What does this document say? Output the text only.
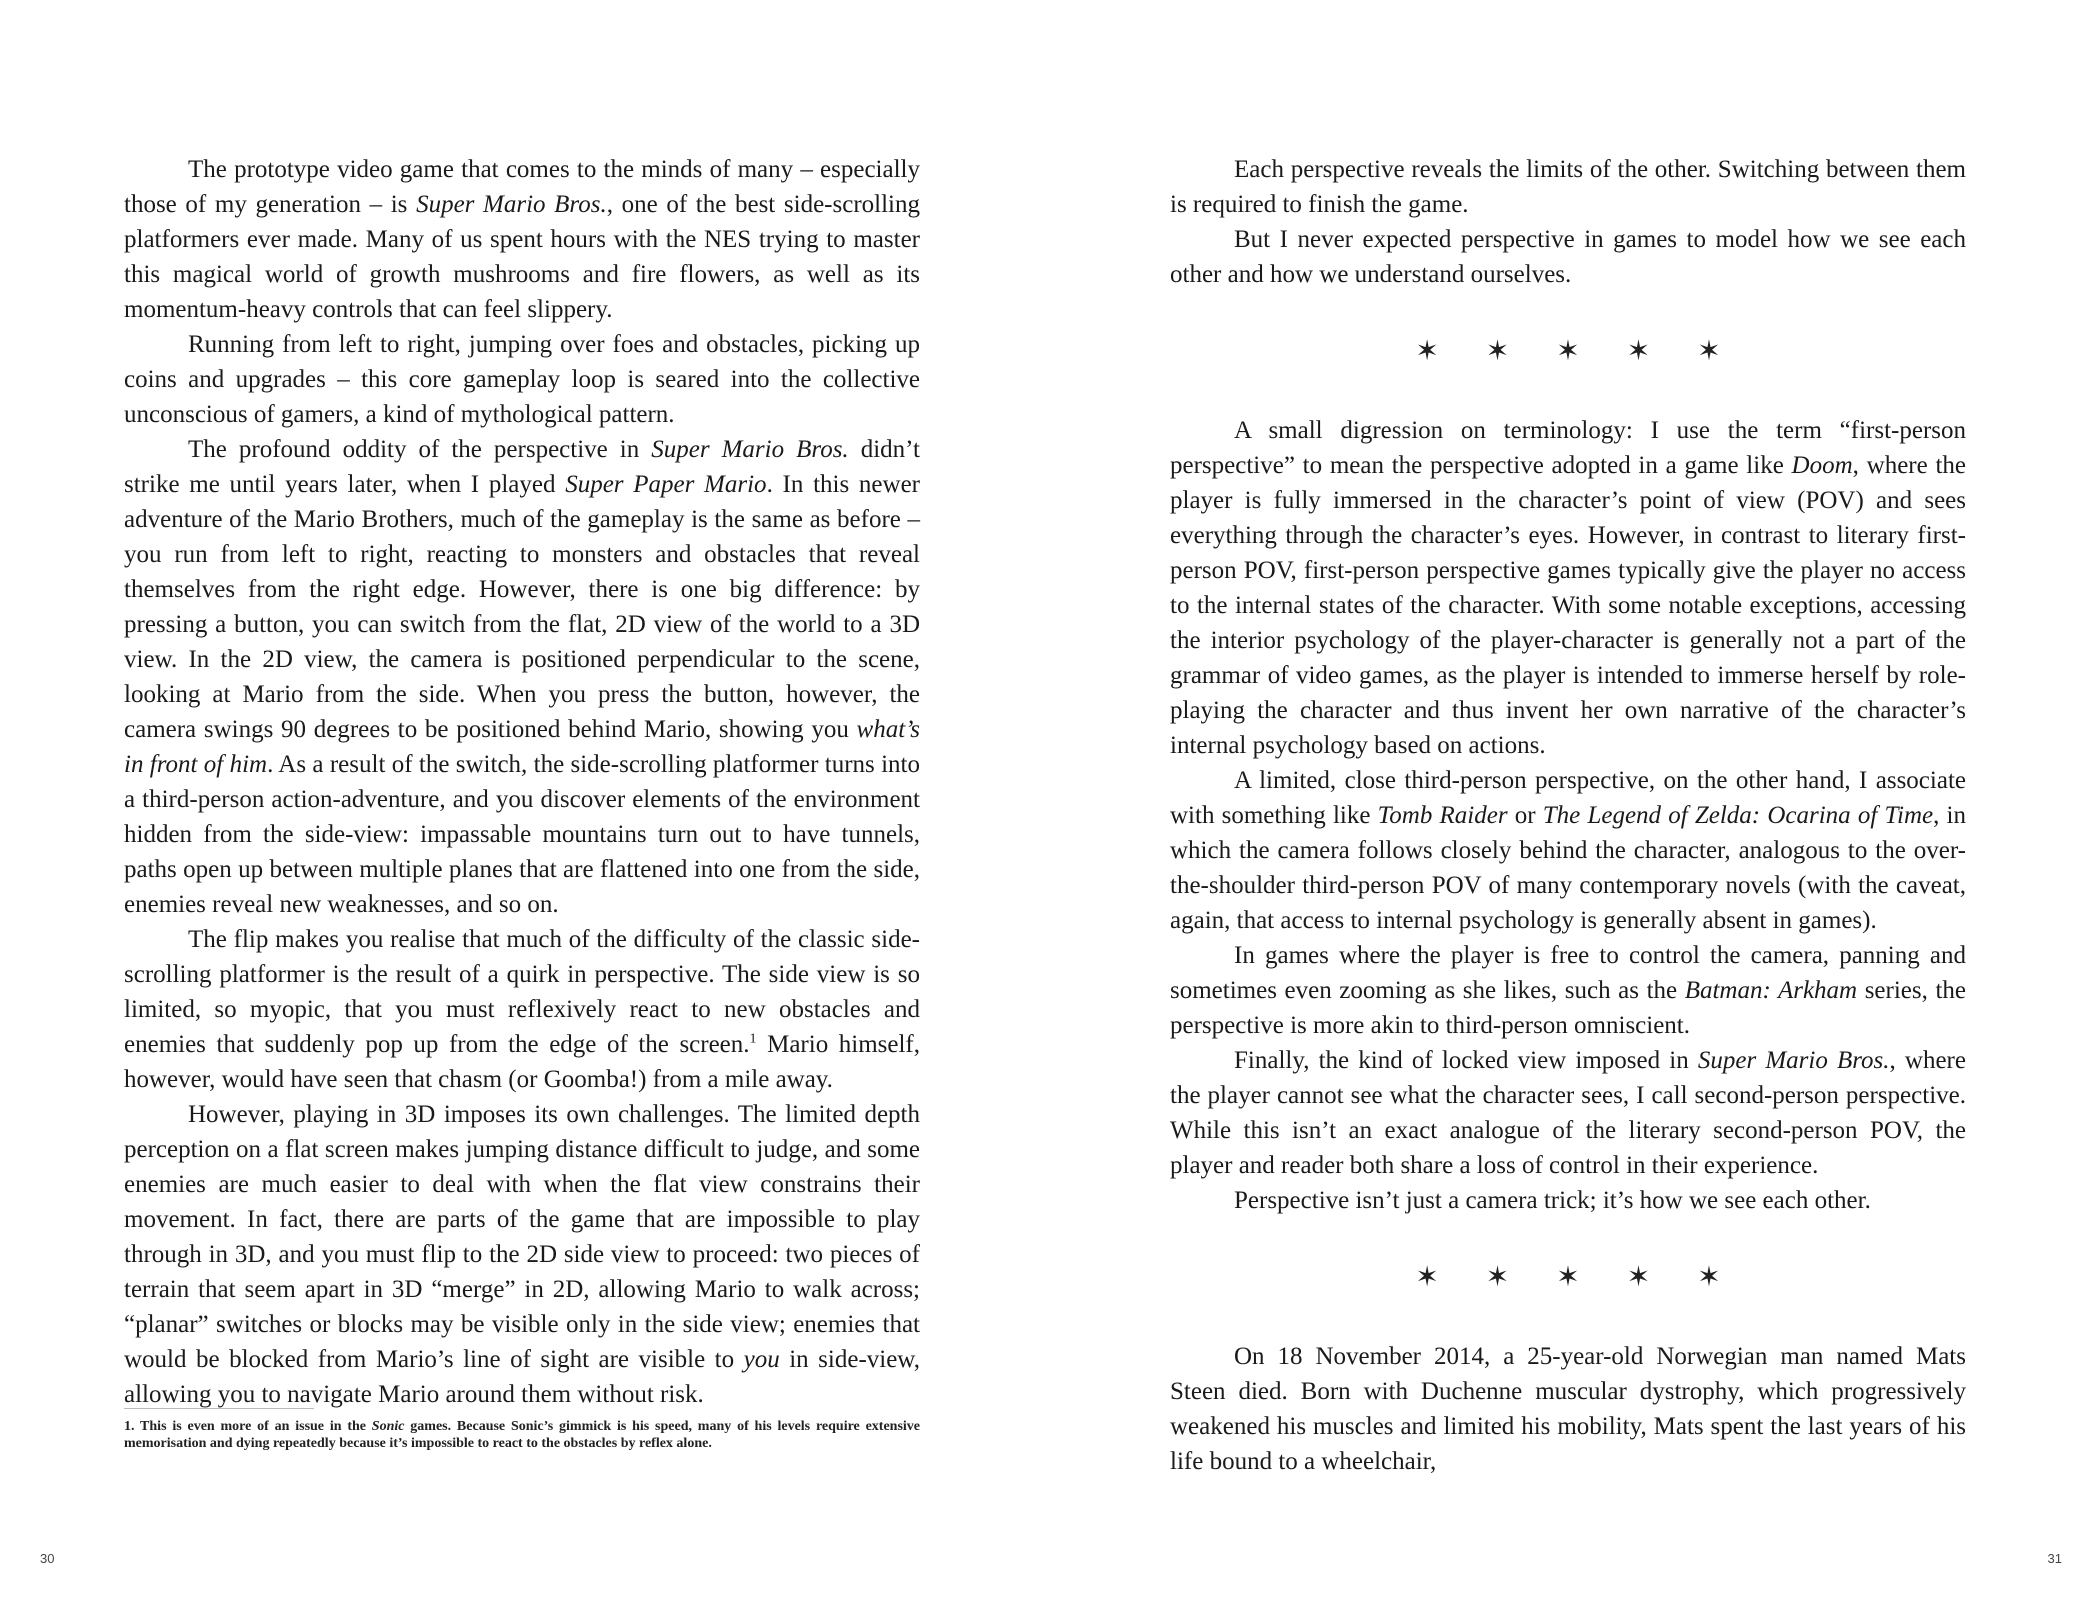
The prototype video game that comes to the minds of many – especially those of my generation – is Super Mario Bros., one of the best side-scrolling platformers ever made. Many of us spent hours with the NES trying to master this magical world of growth mushrooms and fire flowers, as well as its momentum-heavy controls that can feel slippery.

Running from left to right, jumping over foes and obstacles, picking up coins and upgrades – this core gameplay loop is seared into the collective unconscious of gamers, a kind of mythological pattern.

The profound oddity of the perspective in Super Mario Bros. didn’t strike me until years later, when I played Super Paper Mario. In this newer adventure of the Mario Brothers, much of the gameplay is the same as before – you run from left to right, reacting to monsters and obstacles that reveal themselves from the right edge. However, there is one big difference: by pressing a button, you can switch from the flat, 2D view of the world to a 3D view. In the 2D view, the camera is positioned perpendicular to the scene, looking at Mario from the side. When you press the button, however, the camera swings 90 degrees to be positioned behind Mario, showing you what’s in front of him. As a result of the switch, the side-scrolling platformer turns into a third-person action-adventure, and you discover elements of the environment hidden from the side-view: impassable mountains turn out to have tunnels, paths open up between multiple planes that are flattened into one from the side, enemies reveal new weaknesses, and so on.

The flip makes you realise that much of the difficulty of the classic side-scrolling platformer is the result of a quirk in perspective. The side view is so limited, so myopic, that you must reflexively react to new obstacles and enemies that suddenly pop up from the edge of the screen.$^1$ Mario himself, however, would have seen that chasm (or Goomba!) from a mile away.

However, playing in 3D imposes its own challenges. The limited depth perception on a flat screen makes jumping distance difficult to judge, and some enemies are much easier to deal with when the flat view constrains their movement. In fact, there are parts of the game that are impossible to play through in 3D, and you must flip to the 2D side view to proceed: two pieces of terrain that seem apart in 3D “merge” in 2D, allowing Mario to walk across; “planar” switches or blocks may be visible only in the side view; enemies that would be blocked from Mario’s line of sight are visible to you in side-view, allowing you to navigate Mario around them without risk.

1. This is even more of an issue in the Sonic games. Because Sonic’s gimmick is his speed, many of his levels require extensive memorisation and dying repeatedly because it’s impossible to react to the obstacles by reflex alone.
30

Each perspective reveals the limits of the other. Switching between them is required to finish the game.

But I never expected perspective in games to model how we see each other and how we understand ourselves.

✶ ✶ ✶ ✶ ✶

A small digression on terminology: I use the term “first-person perspective” to mean the perspective adopted in a game like Doom, where the player is fully immersed in the character’s point of view (POV) and sees everything through the character’s eyes. However, in contrast to literary first-person POV, first-person perspective games typically give the player no access to the internal states of the character. With some notable exceptions, accessing the interior psychology of the player-character is generally not a part of the grammar of video games, as the player is intended to immerse herself by role-playing the character and thus invent her own narrative of the character’s internal psychology based on actions.

A limited, close third-person perspective, on the other hand, I associate with something like Tomb Raider or The Legend of Zelda: Ocarina of Time, in which the camera follows closely behind the character, analogous to the over-the-shoulder third-person POV of many contemporary novels (with the caveat, again, that access to internal psychology is generally absent in games).

In games where the player is free to control the camera, panning and sometimes even zooming as she likes, such as the Batman: Arkham series, the perspective is more akin to third-person omniscient.

Finally, the kind of locked view imposed in Super Mario Bros., where the player cannot see what the character sees, I call second-person perspective. While this isn’t an exact analogue of the literary second-person POV, the player and reader both share a loss of control in their experience.

Perspective isn’t just a camera trick; it’s how we see each other.

✶ ✶ ✶ ✶ ✶

On 18 November 2014, a 25-year-old Norwegian man named Mats Steen died. Born with Duchenne muscular dystrophy, which progressively weakened his muscles and limited his mobility, Mats spent the last years of his life bound to a wheelchair,

31
